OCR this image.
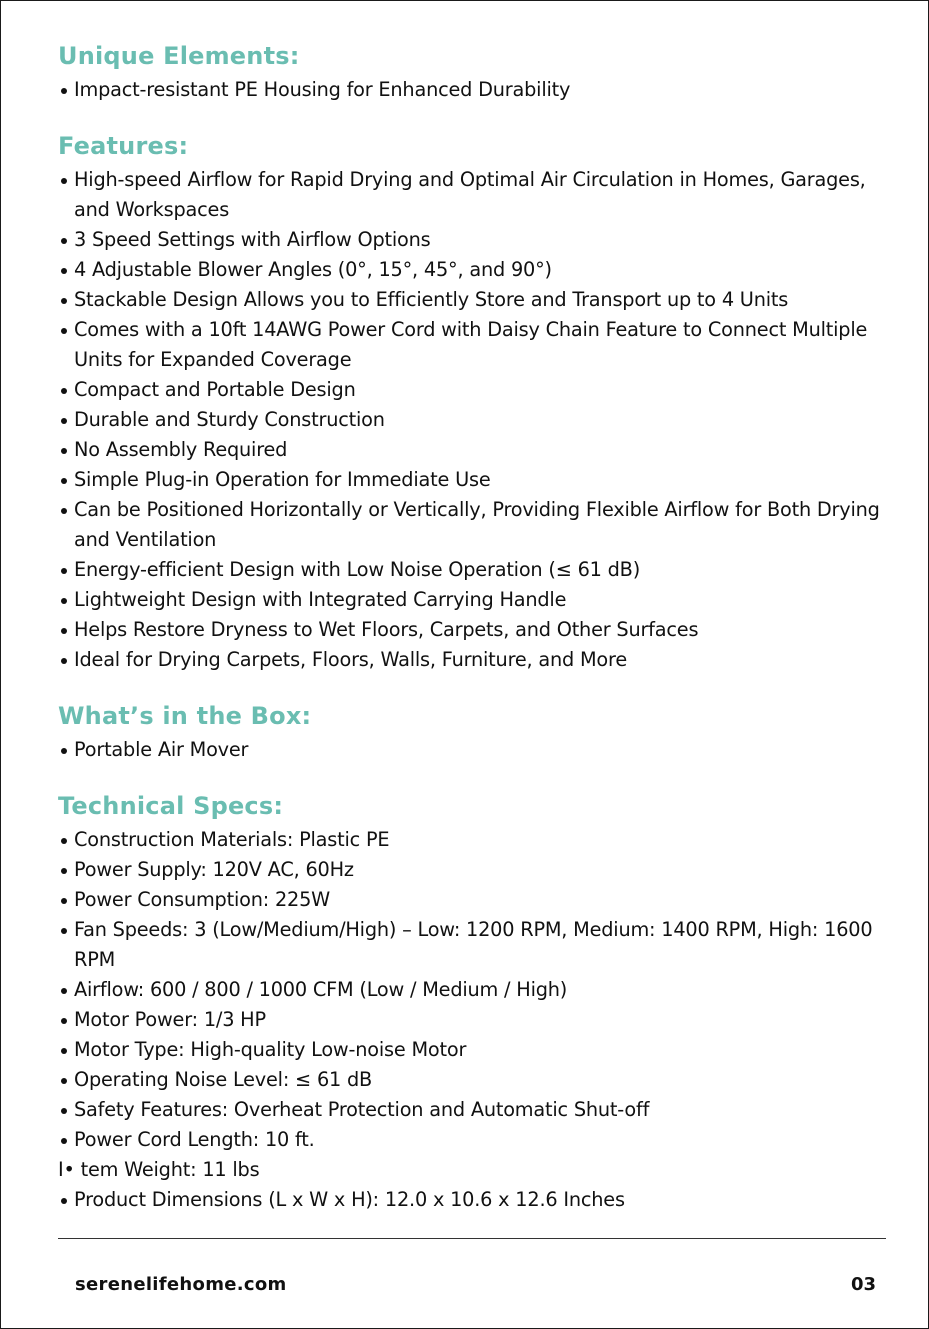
Unique Elements:
Impact-resistant PE Housing for Enhanced Durability
Features:
High-speed Airflow for Rapid Drying and Optimal Air Circulation in Homes, Garages, and Workspaces
3 Speed Settings with Airflow Options
4 Adjustable Blower Angles (0°, 15°, 45°, and 90°)
Stackable Design Allows you to Efficiently Store and Transport up to 4 Units
Comes with a 10ft 14AWG Power Cord with Daisy Chain Feature to Connect Multiple Units for Expanded Coverage
Compact and Portable Design
Durable and Sturdy Construction
No Assembly Required
Simple Plug-in Operation for Immediate Use
Can be Positioned Horizontally or Vertically, Providing Flexible Airflow for Both Drying and Ventilation
Energy-efficient Design with Low Noise Operation (≤ 61 dB)
Lightweight Design with Integrated Carrying Handle
Helps Restore Dryness to Wet Floors, Carpets, and Other Surfaces
Ideal for Drying Carpets, Floors, Walls, Furniture, and More
What’s in the Box:
Portable Air Mover
Technical Specs:
Construction Materials: Plastic PE
Power Supply: 120V AC, 60Hz
Power Consumption: 225W
Fan Speeds: 3 (Low/Medium/High) – Low: 1200 RPM, Medium: 1400 RPM, High: 1600 RPM
Airflow: 600 / 800 / 1000 CFM (Low / Medium / High)
Motor Power: 1/3 HP
Motor Type: High-quality Low-noise Motor
Operating Noise Level: ≤ 61 dB
Safety Features: Overheat Protection and Automatic Shut-off
Power Cord Length: 10 ft.
I• tem Weight: 11 lbs
Product Dimensions (L x W x H): 12.0 x 10.6 x 12.6 Inches
serenelifehome.com	03
